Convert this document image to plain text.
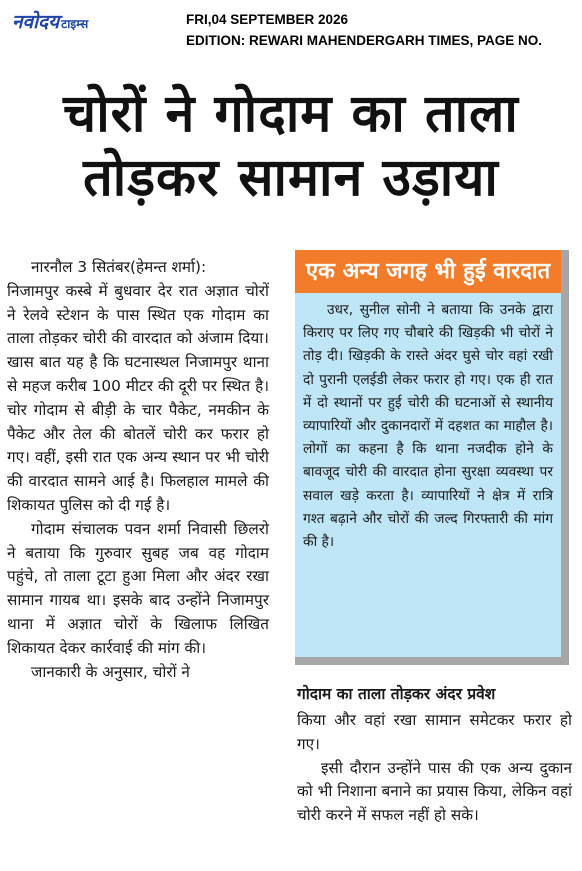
नवोदय टाइम्स	FRI,04 SEPTEMBER 2026
EDITION: REWARI MAHENDERGARH TIMES, PAGE NO.
चोरों ने गोदाम का ताला
तोड़कर सामान उड़ाया

नारनौल 3 सितंबर(हेमन्त शर्मा):

निजामपुर कस्बे में बुधवार देर रात अज्ञात चोरों ने रेलवे स्टेशन के पास स्थित एक गोदाम का ताला तोड़कर चोरी की वारदात को अंजाम दिया। खास बात यह है कि घटनास्थल निजामपुर थाना से महज करीब 100 मीटर की दूरी पर स्थित है।चोर गोदाम से बीड़ी के चार पैकेट, नमकीन के पैकेट और तेल की बोतलें चोरी कर फरार हो गए। वहीं, इसी रात एक अन्य स्थान पर भी चोरी की वारदात सामने आई है। फिलहाल मामले की शिकायत पुलिस को दी गई है।

गोदाम संचालक पवन शर्मा निवासी छिलरो ने बताया कि गुरुवार सुबह जब वह गोदाम पहुंचे, तो ताला टूटा हुआ मिला और अंदर रखा सामान गायब था। इसके बाद उन्होंने निजामपुर थाना में अज्ञात चोरों के खिलाफ लिखित शिकायत देकर कार्रवाई की मांग की।

जानकारी के अनुसार, चोरों ने

एक अन्य जगह भी हुई वारदात
उधर, सुनील सोनी ने बताया कि उनके द्वारा किराए पर लिए गए चौबारे की खिड़की भी चोरों ने तोड़ दी। खिड़की के रास्ते अंदर घुसे चोर वहां रखी दो पुरानी एलईडी लेकर फरार हो गए। एक ही रात में दो स्थानों पर हुई चोरी की घटनाओं से स्थानीय व्यापारियों और दुकानदारों में दहशत का माहौल है। लोगों का कहना है कि थाना नजदीक होने के बावजूद चोरी की वारदात होना सुरक्षा व्यवस्था पर सवाल खड़े करता है। व्यापारियों ने क्षेत्र में रात्रि गश्त बढ़ाने और चोरों की जल्द गिरफ्तारी की मांग की है।
गोदाम का ताला तोड़कर अंदर प्रवेश

किया और वहां रखा सामान समेटकर फरार हो गए।

इसी दौरान उन्होंने पास की एक अन्य दुकान को भी निशाना बनाने का प्रयास किया, लेकिन वहां चोरी करने में सफल नहीं हो सके।
